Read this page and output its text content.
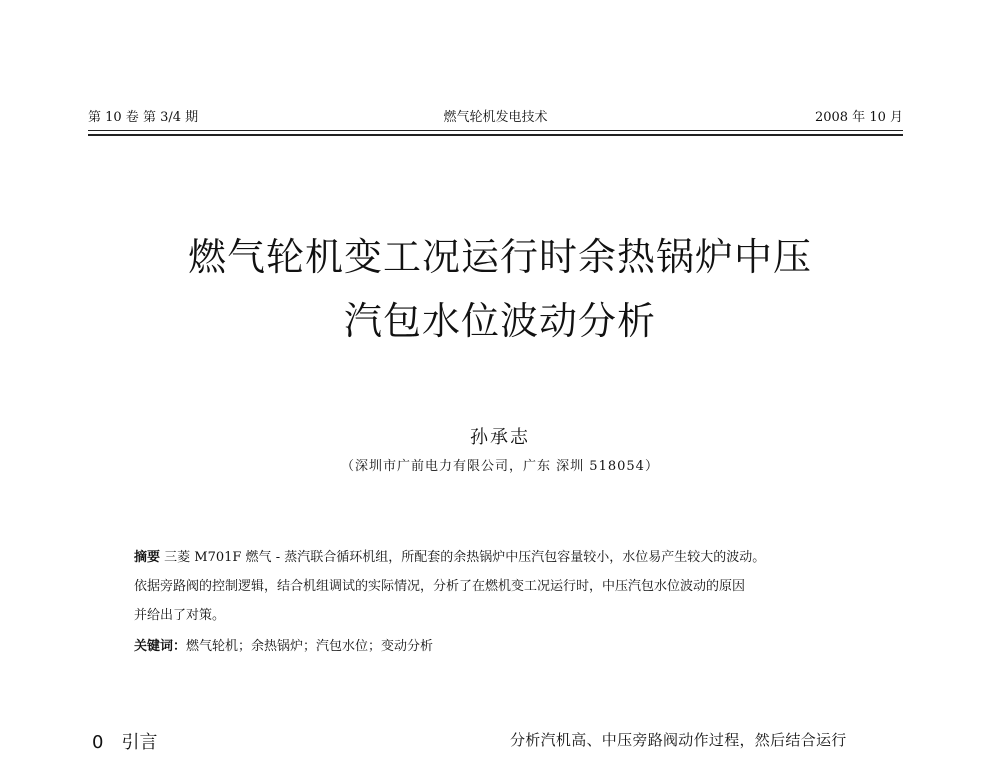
第 10 卷 第 3/4 期	燃气轮机发电技术	2008 年 10 月
燃气轮机变工况运行时余热锅炉中压
汽包水位波动分析
孙承志
（深圳市广前电力有限公司，广东 深圳 518054）
摘要 三菱 M701F 燃气 - 蒸汽联合循环机组，所配套的余热锅炉中压汽包容量较小，水位易产生较大的波动。
依据旁路阀的控制逻辑，结合机组调试的实际情况，分析了在燃机变工况运行时，中压汽包水位波动的原因
并给出了对策。
关键词：燃气轮机；余热锅炉；汽包水位；变动分析
0 引言	分析汽机高、中压旁路阀动作过程，然后结合运行
